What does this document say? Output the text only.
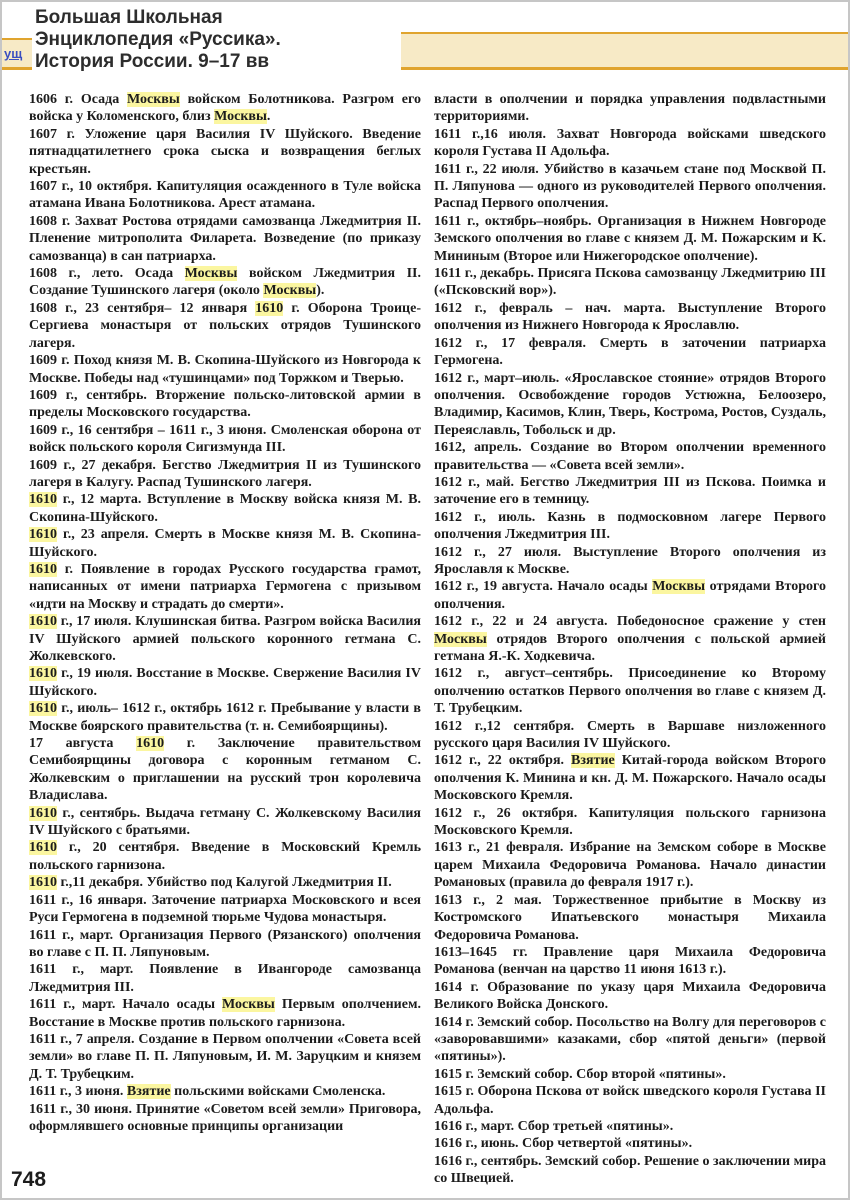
ущ
Большая Школьная
Энциклопедия «Руссика».
История России. 9–17 вв

1606 г. Осада Москвы войском Болотникова. Разгром его войска у Коломенского, близ Москвы.

1607 г. Уложение царя Василия IV Шуйского. Введение пятнадцатилетнего срока сыска и возвращения беглых крестьян.

1607 г., 10 октября. Капитуляция осажденного в Туле войска атамана Ивана Болотникова. Арест атамана.

1608 г. Захват Ростова отрядами самозванца Лжедмитрия II. Пленение митрополита Филарета. Возведение (по приказу самозванца) в сан патриарха.

1608 г., лето. Осада Москвы войском Лжедмитрия II. Создание Тушинского лагеря (около Москвы).

1608 г., 23 сентября– 12 января 1610 г. Оборона Троице-Сергиева монастыря от польских отрядов Тушинского лагеря.

1609 г. Поход князя М. В. Скопина-Шуйского из Новгорода к Москве. Победы над «тушинцами» под Торжком и Тверью.

1609 г., сентябрь. Вторжение польско-литовской армии в пределы Московского государства.

1609 г., 16 сентября – 1611 г., 3 июня. Смоленская оборона от войск польского короля Сигизмунда III.

1609 г., 27 декабря. Бегство Лжедмитрия II из Тушинского лагеря в Калугу. Распад Тушинского лагеря.

1610 г., 12 марта. Вступление в Москву войска князя М. В. Скопина-Шуйского.

1610 г., 23 апреля. Смерть в Москве князя М. В. Скопина-Шуйского.

1610 г. Появление в городах Русского государства грамот, написанных от имени патриарха Гермогена с призывом «идти на Москву и страдать до смерти».

1610 г., 17 июля. Клушинская битва. Разгром войска Василия IV Шуйского армией польского коронного гетмана С. Жолкевского.

1610 г., 19 июля. Восстание в Москве. Свержение Василия IV Шуйского.

1610 г., июль– 1612 г., октябрь 1612 г. Пребывание у власти в Москве боярского правительства (т. н. Семибоярщины).

17 августа 1610 г. Заключение правительством Семибоярщины договора с коронным гетманом С. Жолкевским о приглашении на русский трон королевича Владислава.

1610 г., сентябрь. Выдача гетману С. Жолкевскому Василия IV Шуйского с братьями.

1610 г., 20 сентября. Введение в Московский Кремль польского гарнизона.

1610 г.,11 декабря. Убийство под Калугой Лжедмитрия II.

1611 г., 16 января. Заточение патриарха Московского и всея Руси Гермогена в подземной тюрьме Чудова монастыря.

1611 г., март. Организация Первого (Рязанского) ополчения во главе с П. П. Ляпуновым.

1611 г., март. Появление в Ивангороде самозванца Лжедмитрия III.

1611 г., март. Начало осады Москвы Первым ополчением. Восстание в Москве против польского гарнизона.

1611 г., 7 апреля. Создание в Первом ополчении «Совета всей земли» во главе П. П. Ляпуновым, И. М. Заруцким и князем Д. Т. Трубецким.

1611 г., 3 июня. Взятие польскими войсками Смоленска.

1611 г., 30 июня. Принятие «Советом всей земли» Приговора, оформлявшего основные принципы организации

власти в ополчении и порядка управления подвластными территориями.

1611 г.,16 июля. Захват Новгорода войсками шведского короля Густава II Адольфа.

1611 г., 22 июля. Убийство в казачьем стане под Москвой П. П. Ляпунова — одного из руководителей Первого ополчения. Распад Первого ополчения.

1611 г., октябрь–ноябрь. Организация в Нижнем Новгороде Земского ополчения во главе с князем Д. М. Пожарским и К. Мининым (Второе или Нижегородское ополчение).

1611 г., декабрь. Присяга Пскова самозванцу Лжедмитрию III («Псковский вор»).

1612 г., февраль – нач. марта. Выступление Второго ополчения из Нижнего Новгорода к Ярославлю.

1612 г., 17 февраля. Смерть в заточении патриарха Гермогена.

1612 г., март–июль. «Ярославское стояние» отрядов Второго ополчения. Освобождение городов Устюжна, Белоозеро, Владимир, Касимов, Клин, Тверь, Кострома, Ростов, Суздаль, Переяславль, Тобольск и др.

1612, апрель. Создание во Втором ополчении временного правительства — «Совета всей земли».

1612 г., май. Бегство Лжедмитрия III из Пскова. Поимка и заточение его в темницу.

1612 г., июль. Казнь в подмосковном лагере Первого ополчения Лжедмитрия III.

1612 г., 27 июля. Выступление Второго ополчения из Ярославля к Москве.

1612 г., 19 августа. Начало осады Москвы отрядами Второго ополчения.

1612 г., 22 и 24 августа. Победоносное сражение у стен Москвы отрядов Второго ополчения с польской армией гетмана Я.-К. Ходкевича.

1612 г., август–сентябрь. Присоединение ко Второму ополчению остатков Первого ополчения во главе с князем Д. Т. Трубецким.

1612 г.,12 сентября. Смерть в Варшаве низложенного русского царя Василия IV Шуйского.

1612 г., 22 октября. Взятие Китай-города войском Второго ополчения К. Минина и кн. Д. М. Пожарского. Начало осады Московского Кремля.

1612 г., 26 октября. Капитуляция польского гарнизона Московского Кремля.

1613 г., 21 февраля. Избрание на Земском соборе в Москве царем Михаила Федоровича Романова. Начало династии Романовых (правила до февраля 1917 г.).

1613 г., 2 мая. Торжественное прибытие в Москву из Костромского Ипатьевского монастыря Михаила Федоровича Романова.

1613–1645 гг. Правление царя Михаила Федоровича Романова (венчан на царство 11 июня 1613 г.).

1614 г. Образование по указу царя Михаила Федоровича Великого Войска Донского.

1614 г. Земский собор. Посольство на Волгу для переговоров с «заворовавшими» казаками, сбор «пятой деньги» (первой «пятины»).

1615 г. Земский собор. Сбор второй «пятины».

1615 г. Оборона Пскова от войск шведского короля Густава II Адольфа.

1616 г., март. Сбор третьей «пятины».

1616 г., июнь. Сбор четвертой «пятины».

1616 г., сентябрь. Земский собор. Решение о заключении мира со Швецией.

748
